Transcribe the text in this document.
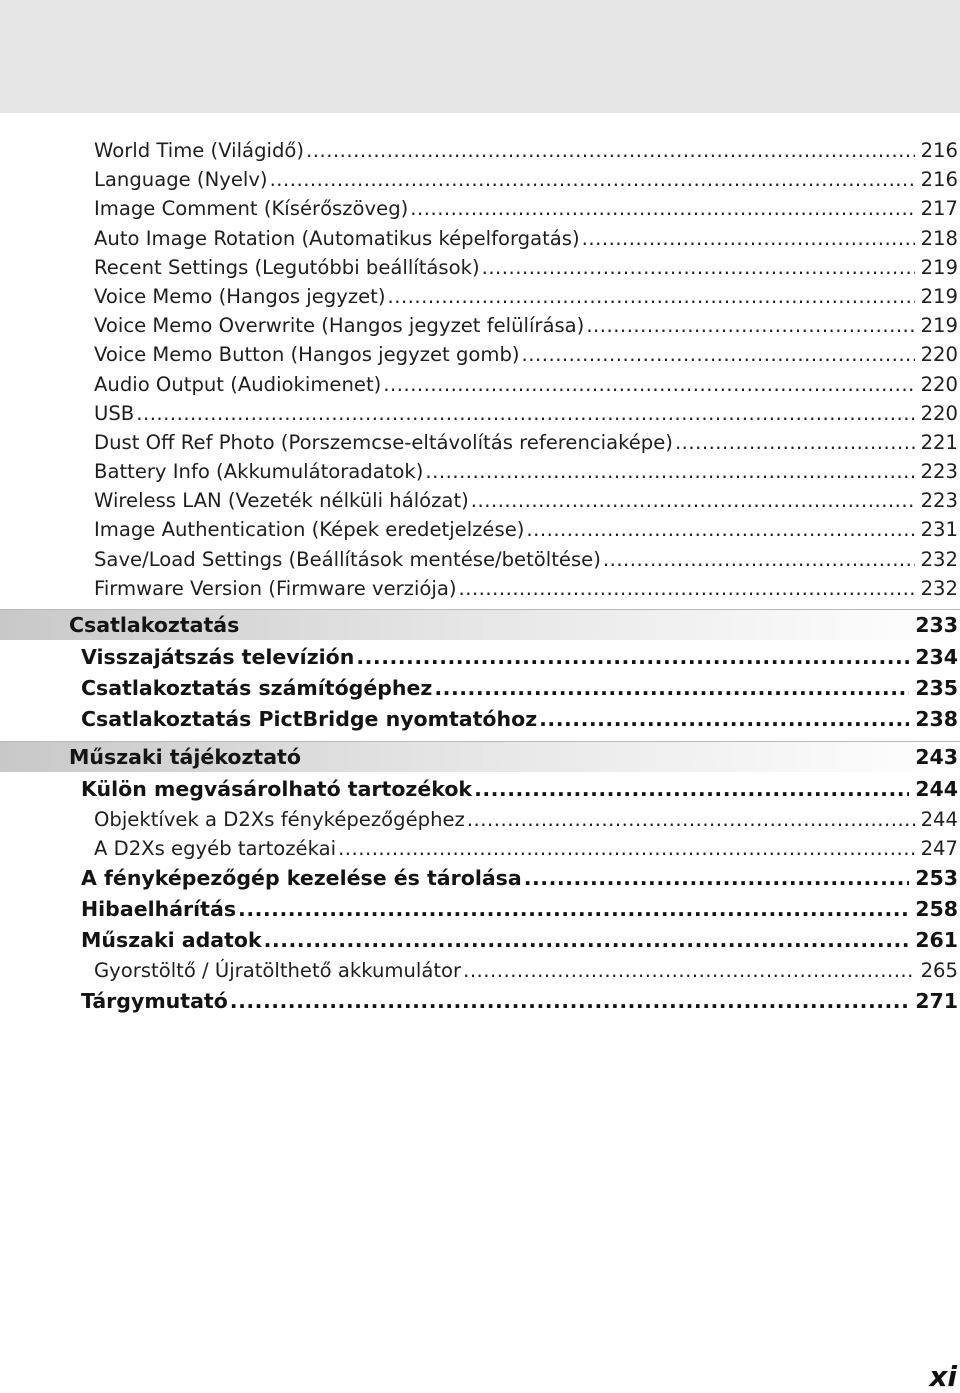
World Time (Világidő) .....	216
Language (Nyelv) .....	216
Image Comment (Kísérőszöveg) .....	217
Auto Image Rotation (Automatikus képelforgatás) .....	218
Recent Settings (Legutóbbi beállítások) .....	219
Voice Memo (Hangos jegyzet) .....	219
Voice Memo Overwrite (Hangos jegyzet felülírása) .....	219
Voice Memo Button (Hangos jegyzet gomb) .....	220
Audio Output (Audiokimenet) .....	220
USB .....	220
Dust Off Ref Photo (Porszemcse-eltávolítás referenciaképe) .....	221
Battery Info (Akkumulátoradatok) .....	223
Wireless LAN (Vezeték nélküli hálózat) .....	223
Image Authentication (Képek eredetjelzése) .....	231
Save/Load Settings (Beállítások mentése/betöltése) .....	232
Firmware Version (Firmware verziója) .....	232
Csatlakoztatás	233
Visszajátszás televízión .....	234
Csatlakoztatás számítógéphez .....	235
Csatlakoztatás PictBridge nyomtatóhoz .....	238
Műszaki tájékoztató	243
Külön megvásárolható tartozékok .....	244
Objektívek a D2Xs fényképezőgéphez .....	244
A D2Xs egyéb tartozékai .....	247
A fényképezőgép kezelése és tárolása .....	253
Hibaelhárítás .....	258
Műszaki adatok .....	261
Gyorstöltő / Újratölthető akkumulátor .....	265
Tárgymutató .....	271
xi
